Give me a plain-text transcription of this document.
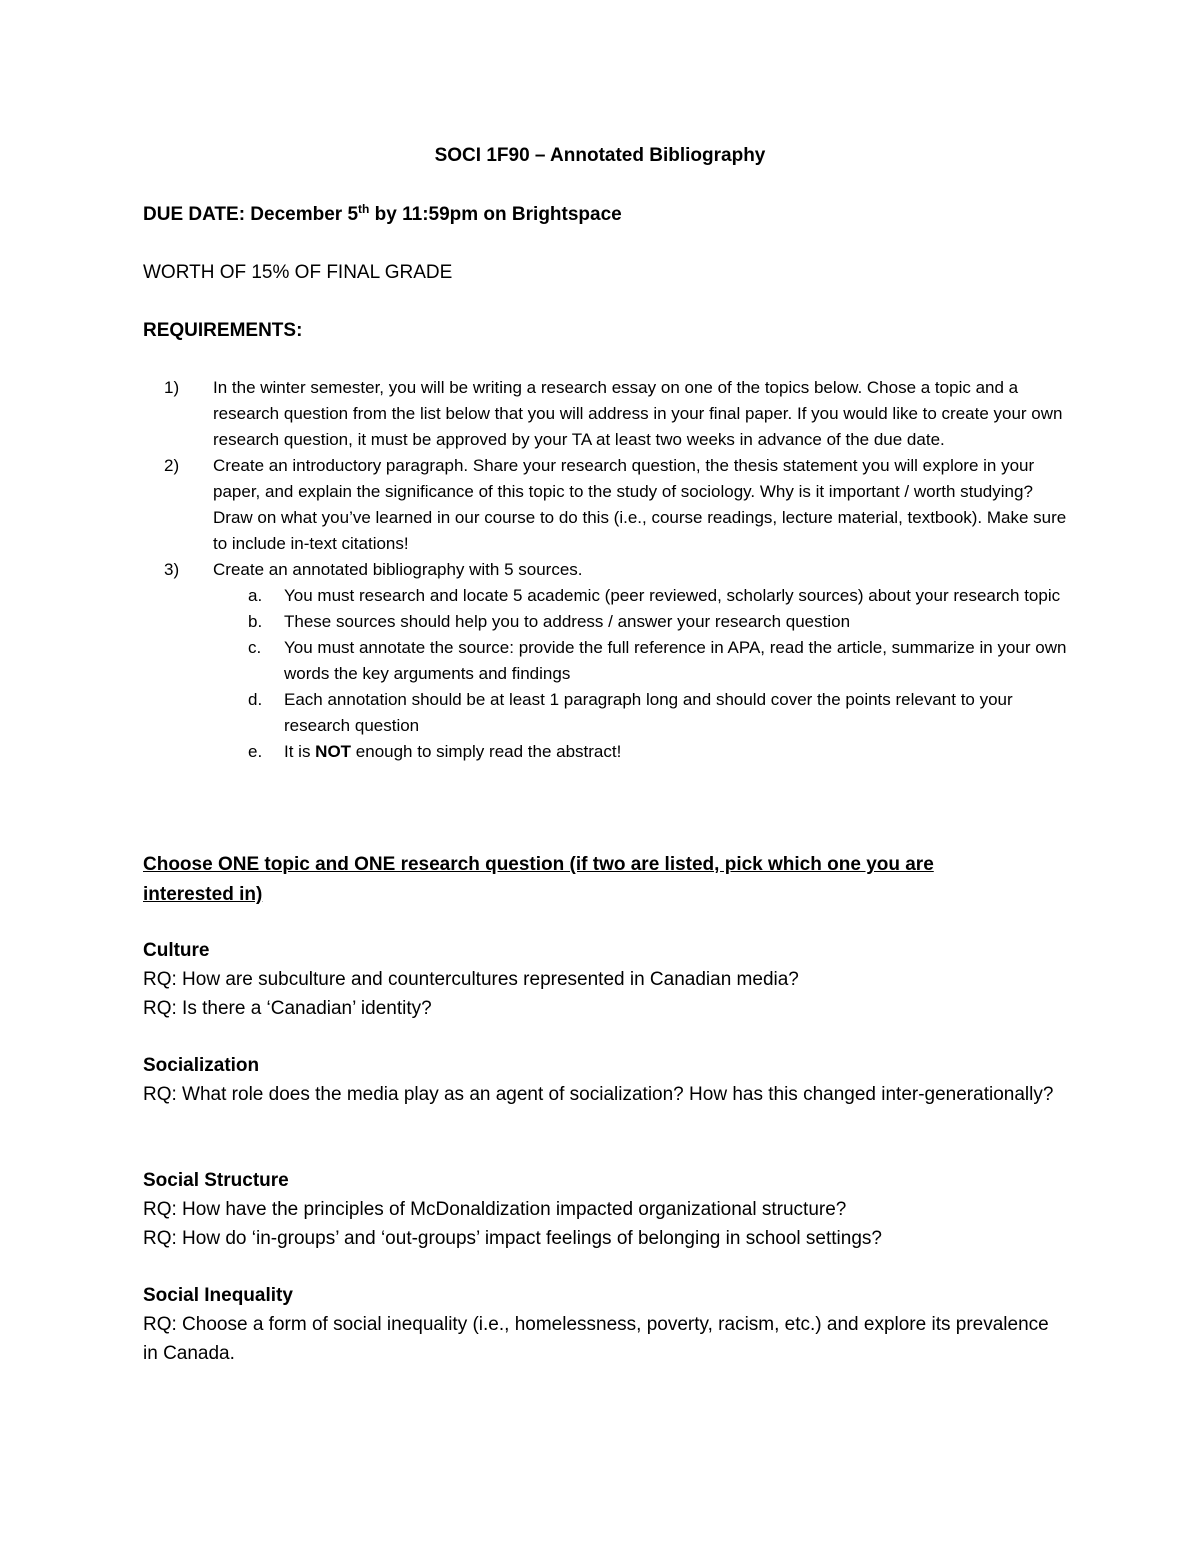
SOCI 1F90 – Annotated Bibliography
DUE DATE: December 5th by 11:59pm on Brightspace
WORTH OF 15% OF FINAL GRADE
REQUIREMENTS:
1) In the winter semester, you will be writing a research essay on one of the topics below. Chose a topic and a research question from the list below that you will address in your final paper. If you would like to create your own research question, it must be approved by your TA at least two weeks in advance of the due date.
2) Create an introductory paragraph. Share your research question, the thesis statement you will explore in your paper, and explain the significance of this topic to the study of sociology. Why is it important / worth studying? Draw on what you’ve learned in our course to do this (i.e., course readings, lecture material, textbook). Make sure to include in-text citations!
3) Create an annotated bibliography with 5 sources.
a. You must research and locate 5 academic (peer reviewed, scholarly sources) about your research topic
b. These sources should help you to address / answer your research question
c. You must annotate the source: provide the full reference in APA, read the article, summarize in your own words the key arguments and findings
d. Each annotation should be at least 1 paragraph long and should cover the points relevant to your research question
e. It is NOT enough to simply read the abstract!
Choose ONE topic and ONE research question (if two are listed, pick which one you are interested in)
Culture
RQ: How are subculture and countercultures represented in Canadian media?
RQ: Is there a ‘Canadian’ identity?
Socialization
RQ: What role does the media play as an agent of socialization? How has this changed inter-generationally?
Social Structure
RQ: How have the principles of McDonaldization impacted organizational structure?
RQ: How do ‘in-groups’ and ‘out-groups’ impact feelings of belonging in school settings?
Social Inequality
RQ: Choose a form of social inequality (i.e., homelessness, poverty, racism, etc.) and explore its prevalence in Canada.
